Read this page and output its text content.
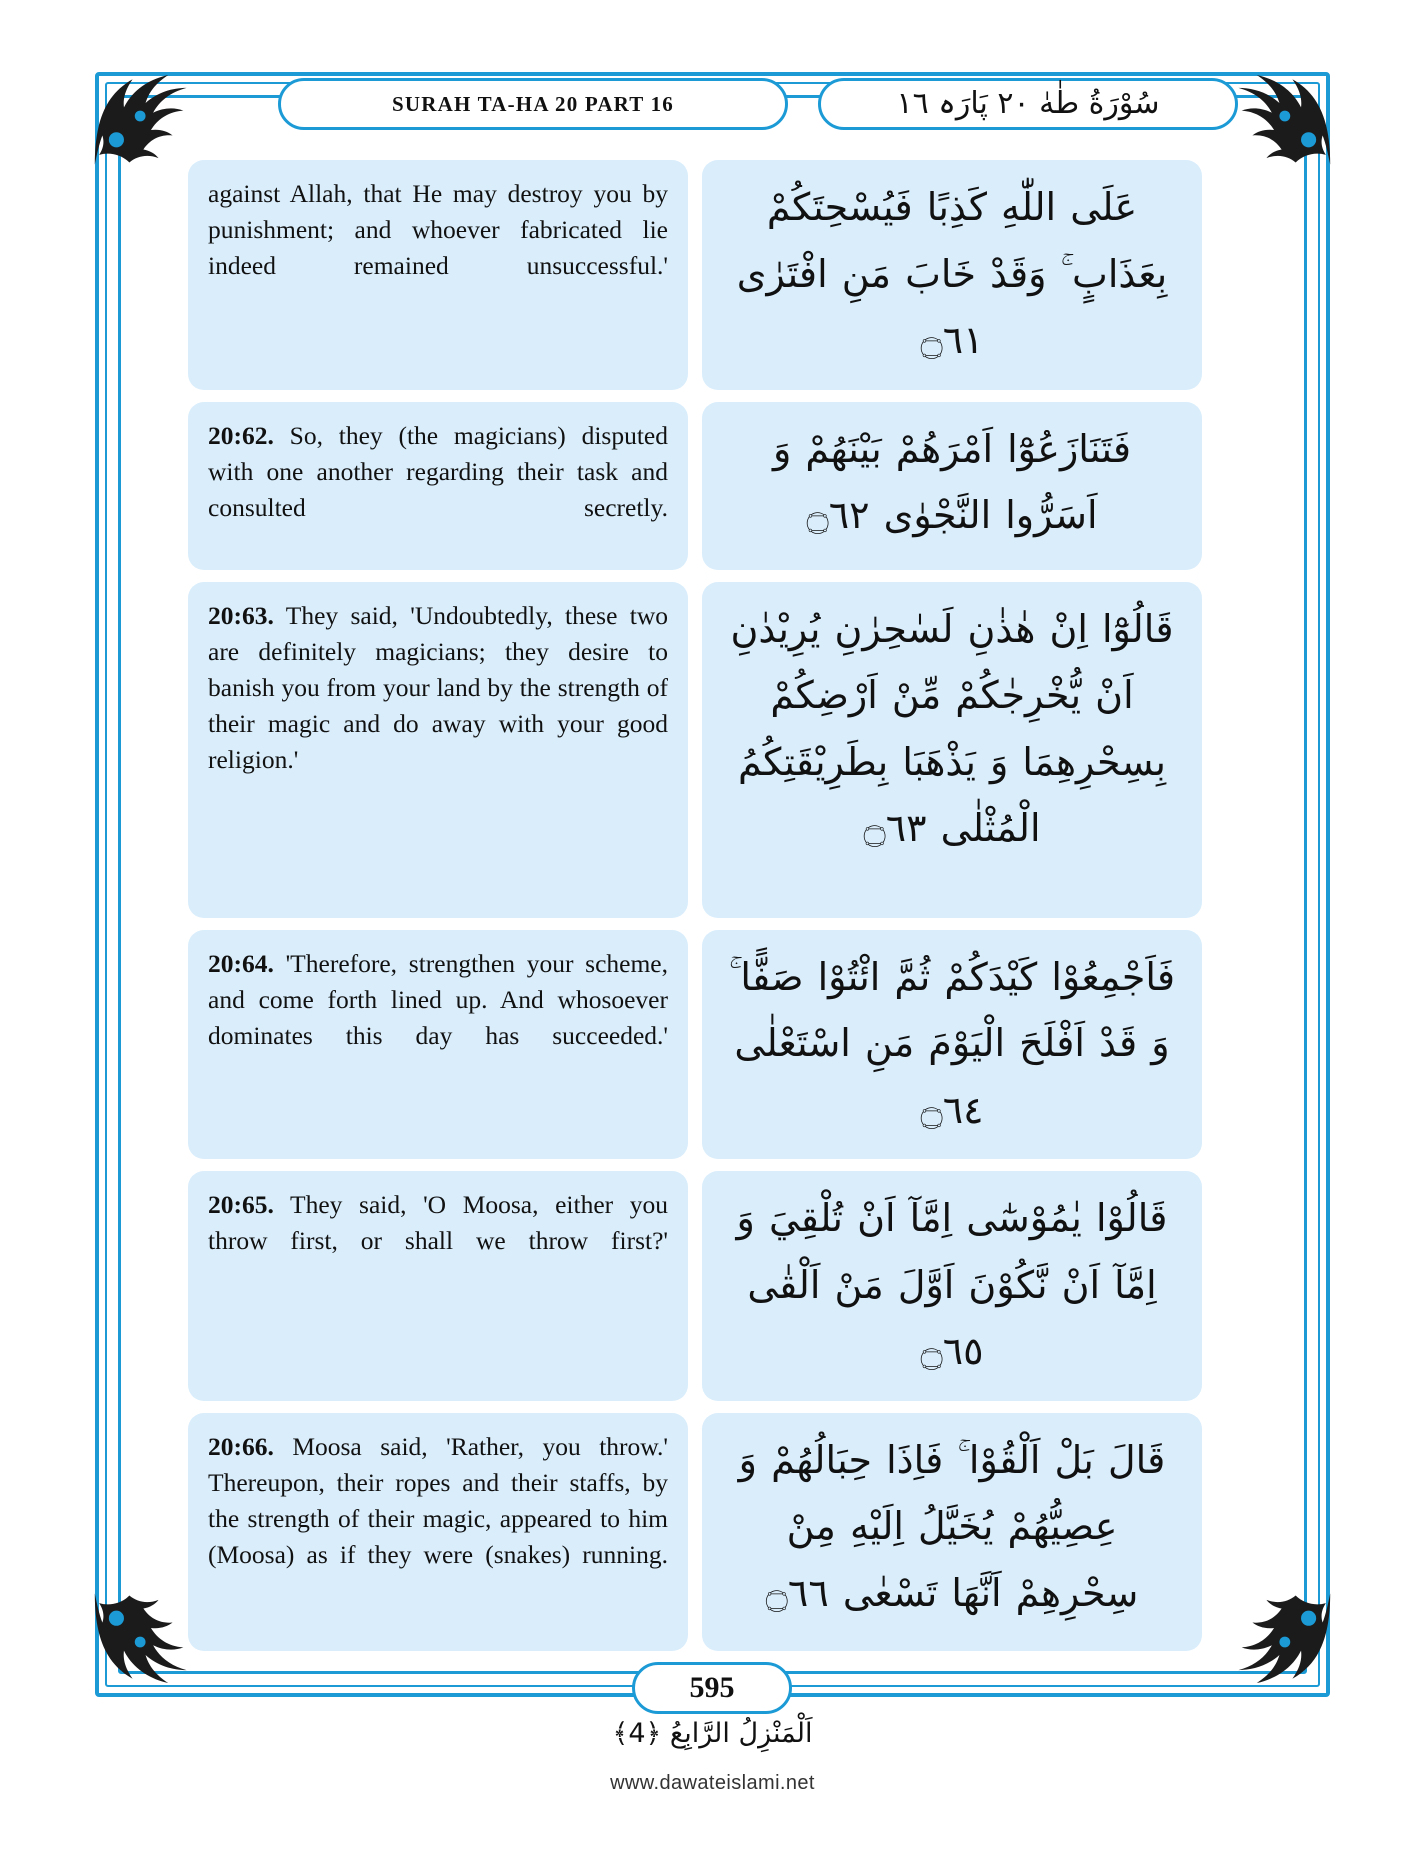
SURAH TA-HA 20 PART 16	سُوْرَةُ طٰهٰ ٢٠ پَارَہ ١٦
against Allah, that He may destroy you by punishment; and whoever fabricated lie indeed remained unsuccessful.'
عَلَى اللّٰهِ كَذِبًا فَيُسْحِتَكُمْ بِعَذَابٍ ۚ وَقَدْ خَابَ مَنِ افْتَرٰى ۝٦١
20:62. So, they (the magicians) disputed with one another regarding their task and consulted secretly.
فَتَنَازَعُوْٓا اَمْرَهُمْ بَيْنَهُمْ وَ اَسَرُّوا النَّجْوٰى ۝٦٢
20:63. They said, 'Undoubtedly, these two are definitely magicians; they desire to banish you from your land by the strength of their magic and do away with your good religion.'
قَالُوْٓا اِنْ هٰذٰنِ لَسٰحِرٰنِ يُرِيْدٰنِ اَنْ يُّخْرِجٰكُمْ مِّنْ اَرْضِكُمْ بِسِحْرِهِمَا وَ يَذْهَبَا بِطَرِيْقَتِكُمُ الْمُثْلٰى ۝٦٣
20:64. 'Therefore, strengthen your scheme, and come forth lined up. And whosoever dominates this day has succeeded.'
فَاَجْمِعُوْا كَيْدَكُمْ ثُمَّ ائْتُوْا صَفًّا ۚ وَ قَدْ اَفْلَحَ الْيَوْمَ مَنِ اسْتَعْلٰى ۝٦٤
20:65. They said, 'O Moosa, either you throw first, or shall we throw first?'
قَالُوْا يٰمُوْسٰٓى اِمَّآ اَنْ تُلْقِيَ وَ اِمَّآ اَنْ نَّكُوْنَ اَوَّلَ مَنْ اَلْقٰى ۝٦٥
20:66. Moosa said, 'Rather, you throw.' Thereupon, their ropes and their staffs, by the strength of their magic, appeared to him (Moosa) as if they were (snakes) running.
قَالَ بَلْ اَلْقُوْا ۚ فَاِذَا حِبَالُهُمْ وَ عِصِيُّهُمْ يُخَيَّلُ اِلَيْهِ مِنْ سِحْرِهِمْ اَنَّهَا تَسْعٰى ۝٦٦
595
اَلْمَنْزِلُ الرَّابِعُ ﴿4﴾
www.dawateislami.net
